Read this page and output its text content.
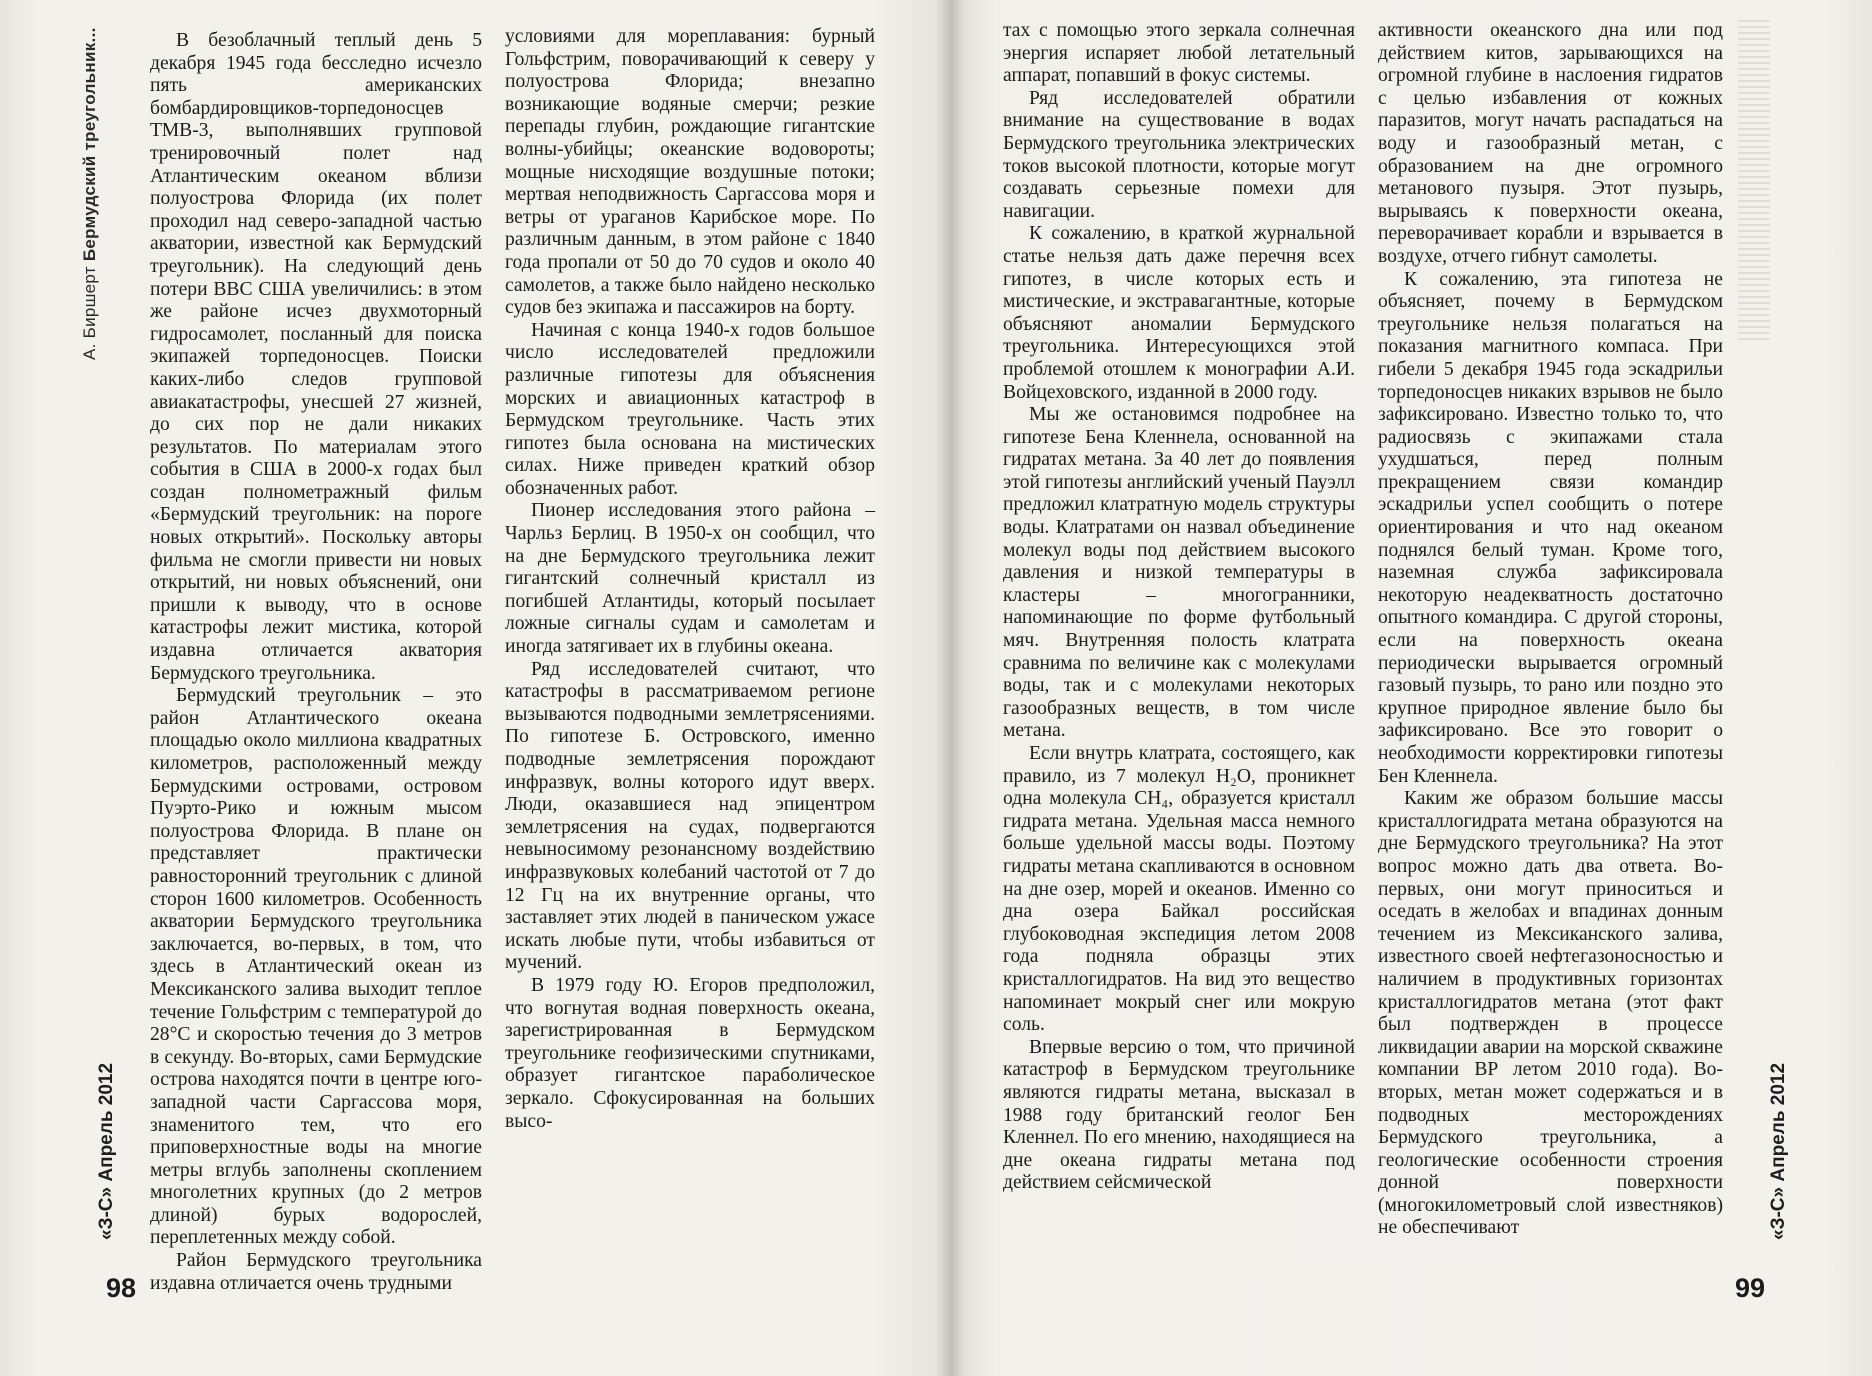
А. Биршерт Бермудский треугольник...	В безоблачный теплый день 5 декабря 1945 года бесследно исчезло пять американских бомбардировщиков-торпедоносцев ТМВ-3, выполнявших групповой тренировочный полет над Атлантическим океаном вблизи полуострова Флорида (их полет проходил над северо-западной частью акватории, известной как Бермудский треугольник). На следующий день потери ВВС США увеличились: в этом же районе исчез двухмоторный гидросамолет, посланный для поиска экипажей торпедоносцев. Поиски каких-либо следов групповой авиакатастрофы, унесшей 27 жизней, до сих пор не дали никаких результатов. По материалам этого события в США в 2000-х годах был создан полнометражный фильм «Бермудский треугольник: на пороге новых открытий». Поскольку авторы фильма не смогли привести ни новых открытий, ни новых объяснений, они пришли к выводу, что в основе катастрофы лежит мистика, которой издавна отличается акватория Бермудского треугольника.

Бермудский треугольник – это район Атлантического океана площадью около миллиона квадратных километров, расположенный между Бермудскими островами, островом Пуэрто-Рико и южным мысом полуострова Флорида. В плане он представляет практически равносторонний треугольник с длиной сторон 1600 километров. Особенность акватории Бермудского треугольника заключается, во-первых, в том, что здесь в Атлантический океан из Мексиканского залива выходит теплое течение Гольфстрим с температурой до 28°С и скоростью течения до 3 метров в секунду. Во-вторых, сами Бермудские острова находятся почти в центре юго-западной части Саргассова моря, знаменитого тем, что его приповерхностные воды на многие метры вглубь заполнены скоплением многолетних крупных (до 2 метров длиной) бурых водорослей, переплетенных между собой.

Район Бермудского треугольника издавна отличается очень трудными

условиями для мореплавания: бурный Гольфстрим, поворачивающий к северу у полуострова Флорида; внезапно возникающие водяные смерчи; резкие перепады глубин, рождающие гигантские волны-убийцы; океанские водовороты; мощные нисходящие воздушные потоки; мертвая неподвижность Саргассова моря и ветры от ураганов Карибское море. По различным данным, в этом районе с 1840 года пропали от 50 до 70 судов и около 40 самолетов, а также было найдено несколько судов без экипажа и пассажиров на борту.

Начиная с конца 1940-х годов большое число исследователей предложили различные гипотезы для объяснения морских и авиационных катастроф в Бермудском треугольнике. Часть этих гипотез была основана на мистических силах. Ниже приведен краткий обзор обозначенных работ.

Пионер исследования этого района – Чарльз Берлиц. В 1950-х он сообщил, что на дне Бермудского треугольника лежит гигантский солнечный кристалл из погибшей Атлантиды, который посылает ложные сигналы судам и самолетам и иногда затягивает их в глубины океана.

Ряд исследователей считают, что катастрофы в рассматриваемом регионе вызываются подводными землетрясениями. По гипотезе Б. Островского, именно подводные землетрясения порождают инфразвук, волны которого идут вверх. Люди, оказавшиеся над эпицентром землетрясения на судах, подвергаются невыносимому резонансному воздействию инфразвуковых колебаний частотой от 7 до 12 Гц на их внутренние органы, что заставляет этих людей в паническом ужасе искать любые пути, чтобы избавиться от мучений.

В 1979 году Ю. Егоров предположил, что вогнутая водная поверхность океана, зарегистрированная в Бермудском треугольнике геофизическими спутниками, образует гигантское параболическое зеркало. Сфокусированная на больших высо-

тах с помощью этого зеркала солнечная энергия испаряет любой летательный аппарат, попавший в фокус системы.

Ряд исследователей обратили внимание на существование в водах Бермудского треугольника электрических токов высокой плотности, которые могут создавать серьезные помехи для навигации.

К сожалению, в краткой журнальной статье нельзя дать даже перечня всех гипотез, в числе которых есть и мистические, и экстравагантные, которые объясняют аномалии Бермудского треугольника. Интересующихся этой проблемой отошлем к монографии А.И. Войцеховского, изданной в 2000 году.

Мы же остановимся подробнее на гипотезе Бена Кленнела, основанной на гидратах метана. За 40 лет до появления этой гипотезы английский ученый Пауэлл предложил клатратную модель структуры воды. Клатратами он назвал объединение молекул воды под действием высокого давления и низкой температуры в кластеры – многогранники, напоминающие по форме футбольный мяч. Внутренняя полость клатрата сравнима по величине как с молекулами воды, так и с молекулами некоторых газообразных веществ, в том числе метана.

Если внутрь клатрата, состоящего, как правило, из 7 молекул H₂O, проникнет одна молекула CH₄, образуется кристалл гидрата метана. Удельная масса немного больше удельной массы воды. Поэтому гидраты метана скапливаются в основном на дне озер, морей и океанов. Именно со дна озера Байкал российская глубоководная экспедиция летом 2008 года подняла образцы этих кристаллогидратов. На вид это вещество напоминает мокрый снег или мокрую соль.

Впервые версию о том, что причиной катастроф в Бермудском треугольнике являются гидраты метана, высказал в 1988 году британский геолог Бен Кленнел. По его мнению, находящиеся на дне океана гидраты метана под действием сейсмической

активности океанского дна или под действием китов, зарывающихся на огромной глубине в наслоения гидратов с целью избавления от кожных паразитов, могут начать распадаться на воду и газообразный метан, с образованием на дне огромного метанового пузыря. Этот пузырь, вырываясь к поверхности океана, переворачивает корабли и взрывается в воздухе, отчего гибнут самолеты.

К сожалению, эта гипотеза не объясняет, почему в Бермудском треугольнике нельзя полагаться на показания магнитного компаса. При гибели 5 декабря 1945 года эскадрильи торпедоносцев никаких взрывов не было зафиксировано. Известно только то, что радиосвязь с экипажами стала ухудшаться, перед полным прекращением связи командир эскадрильи успел сообщить о потере ориентирования и что над океаном поднялся белый туман. Кроме того, наземная служба зафиксировала некоторую неадекватность достаточно опытного командира. С другой стороны, если на поверхность океана периодически вырывается огромный газовый пузырь, то рано или поздно это крупное природное явление было бы зафиксировано. Все это говорит о необходимости корректировки гипотезы Бен Кленнела.

Каким же образом большие массы кристаллогидрата метана образуются на дне Бермудского треугольника? На этот вопрос можно дать два ответа. Во-первых, они могут приноситься и оседать в желобах и впадинах донным течением из Мексиканского залива, известного своей нефтегазоносностью и наличием в продуктивных горизонтах кристаллогидратов метана (этот факт был подтвержден в процессе ликвидации аварии на морской скважине компании BP летом 2010 года). Во-вторых, метан может содержаться и в подводных месторождениях Бермудского треугольника, а геологические особенности строения донной поверхности (многокилометровый слой известняков) не обеспечивают

«З-С» Апрель 2012
«З-С» Апрель 2012
98	99
